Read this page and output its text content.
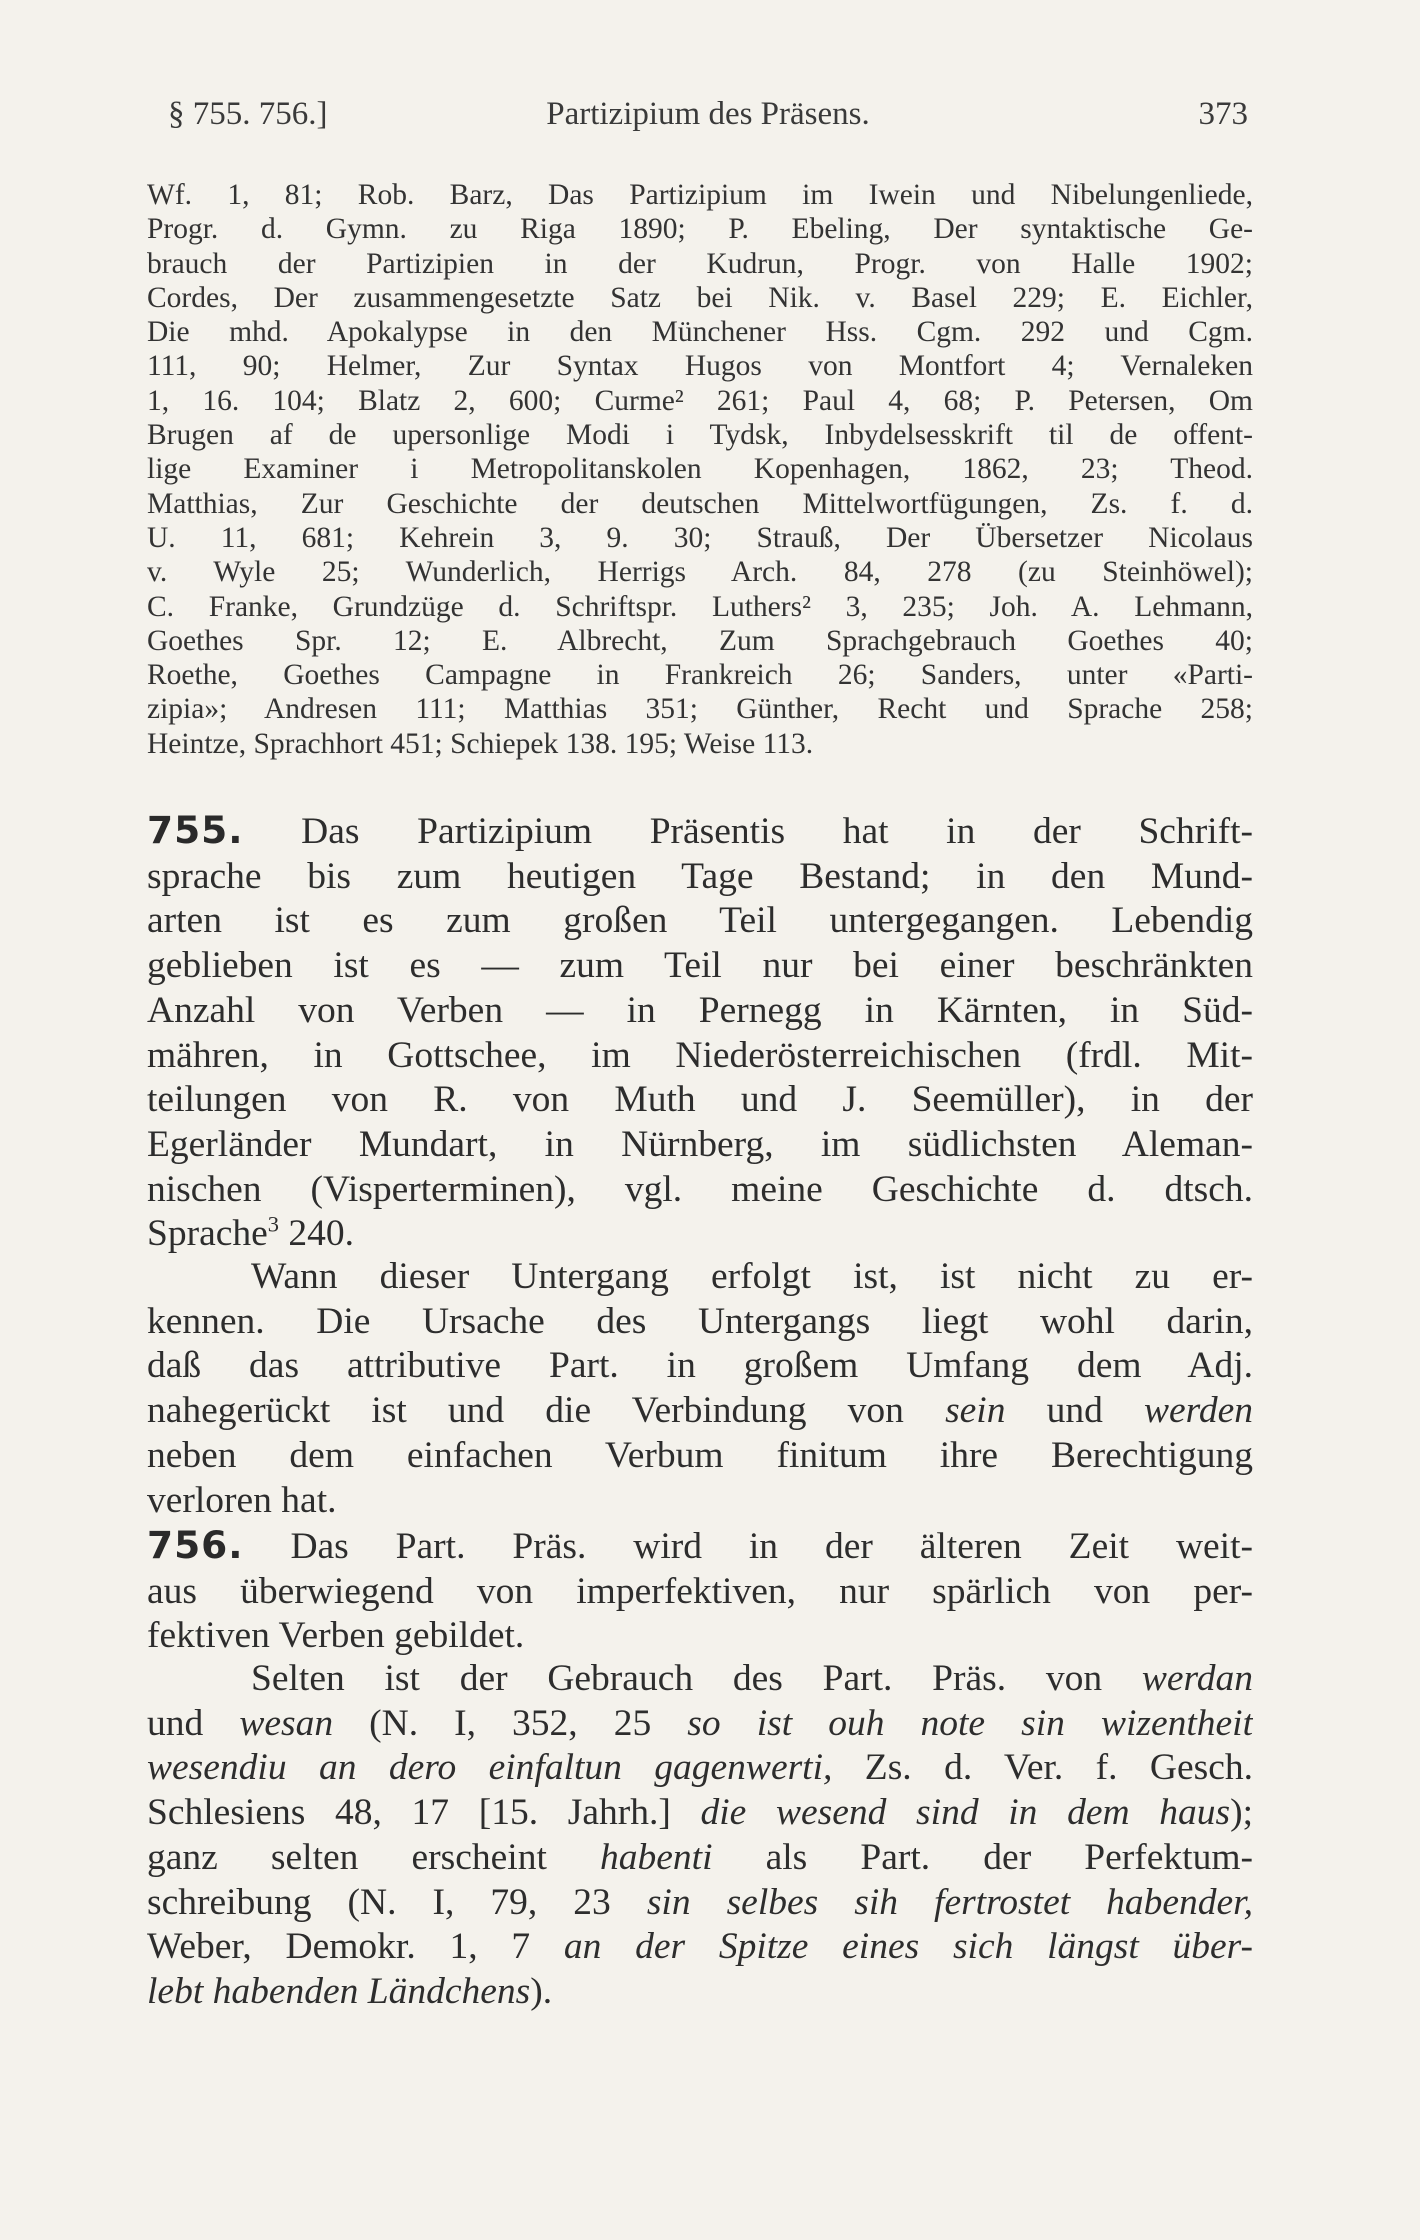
§ 755. 756.]	Partizipium des Präsens.	373
Wf. 1, 81; Rob. Barz, Das Partizipium im Iwein und Nibelungenliede,
Progr. d. Gymn. zu Riga 1890; P. Ebeling, Der syntaktische Ge-
brauch der Partizipien in der Kudrun, Progr. von Halle 1902;
Cordes, Der zusammengesetzte Satz bei Nik. v. Basel 229; E. Eichler,
Die mhd. Apokalypse in den Münchener Hss. Cgm. 292 und Cgm.
111, 90; Helmer, Zur Syntax Hugos von Montfort 4; Vernaleken
1, 16. 104; Blatz 2, 600; Curme² 261; Paul 4, 68; P. Petersen, Om
Brugen af de upersonlige Modi i Tydsk, Inbydelsesskrift til de offent-
lige Examiner i Metropolitanskolen Kopenhagen, 1862, 23; Theod.
Matthias, Zur Geschichte der deutschen Mittelwortfügungen, Zs. f. d.
U. 11, 681; Kehrein 3, 9. 30; Strauß, Der Übersetzer Nicolaus
v. Wyle 25; Wunderlich, Herrigs Arch. 84, 278 (zu Steinhöwel);
C. Franke, Grundzüge d. Schriftspr. Luthers² 3, 235; Joh. A. Lehmann,
Goethes Spr. 12; E. Albrecht, Zum Sprachgebrauch Goethes 40;
Roethe, Goethes Campagne in Frankreich 26; Sanders, unter «Parti-
zipia»; Andresen 111; Matthias 351; Günther, Recht und Sprache 258;
Heintze, Sprachhort 451; Schiepek 138. 195; Weise 113.
755. Das Partizipium Präsentis hat in der Schrift-
sprache bis zum heutigen Tage Bestand; in den Mund-
arten ist es zum großen Teil untergegangen. Lebendig
geblieben ist es — zum Teil nur bei einer beschränkten
Anzahl von Verben — in Pernegg in Kärnten, in Süd-
mähren, in Gottschee, im Niederösterreichischen (frdl. Mit-
teilungen von R. von Muth und J. Seemüller), in der
Egerländer Mundart, in Nürnberg, im südlichsten Aleman-
nischen (Visperterminen), vgl. meine Geschichte d. dtsch.
Sprache$^3$ 240.
Wann dieser Untergang erfolgt ist, ist nicht zu er-
kennen. Die Ursache des Untergangs liegt wohl darin,
daß das attributive Part. in großem Umfang dem Adj.
nahegerückt ist und die Verbindung von sein und werden
neben dem einfachen Verbum finitum ihre Berechtigung
verloren hat.
756. Das Part. Präs. wird in der älteren Zeit weit-
aus überwiegend von imperfektiven, nur spärlich von per-
fektiven Verben gebildet.
Selten ist der Gebrauch des Part. Präs. von werdan
und wesan (N. I, 352, 25 so ist ouh note sin wizentheit
wesendiu an dero einfaltun gagenwerti, Zs. d. Ver. f. Gesch.
Schlesiens 48, 17 [15. Jahrh.] die wesend sind in dem haus);
ganz selten erscheint habenti als Part. der Perfektum-
schreibung (N. I, 79, 23 sin selbes sih fertrostet habender,
Weber, Demokr. 1, 7 an der Spitze eines sich längst über-
lebt habenden Ländchens).
